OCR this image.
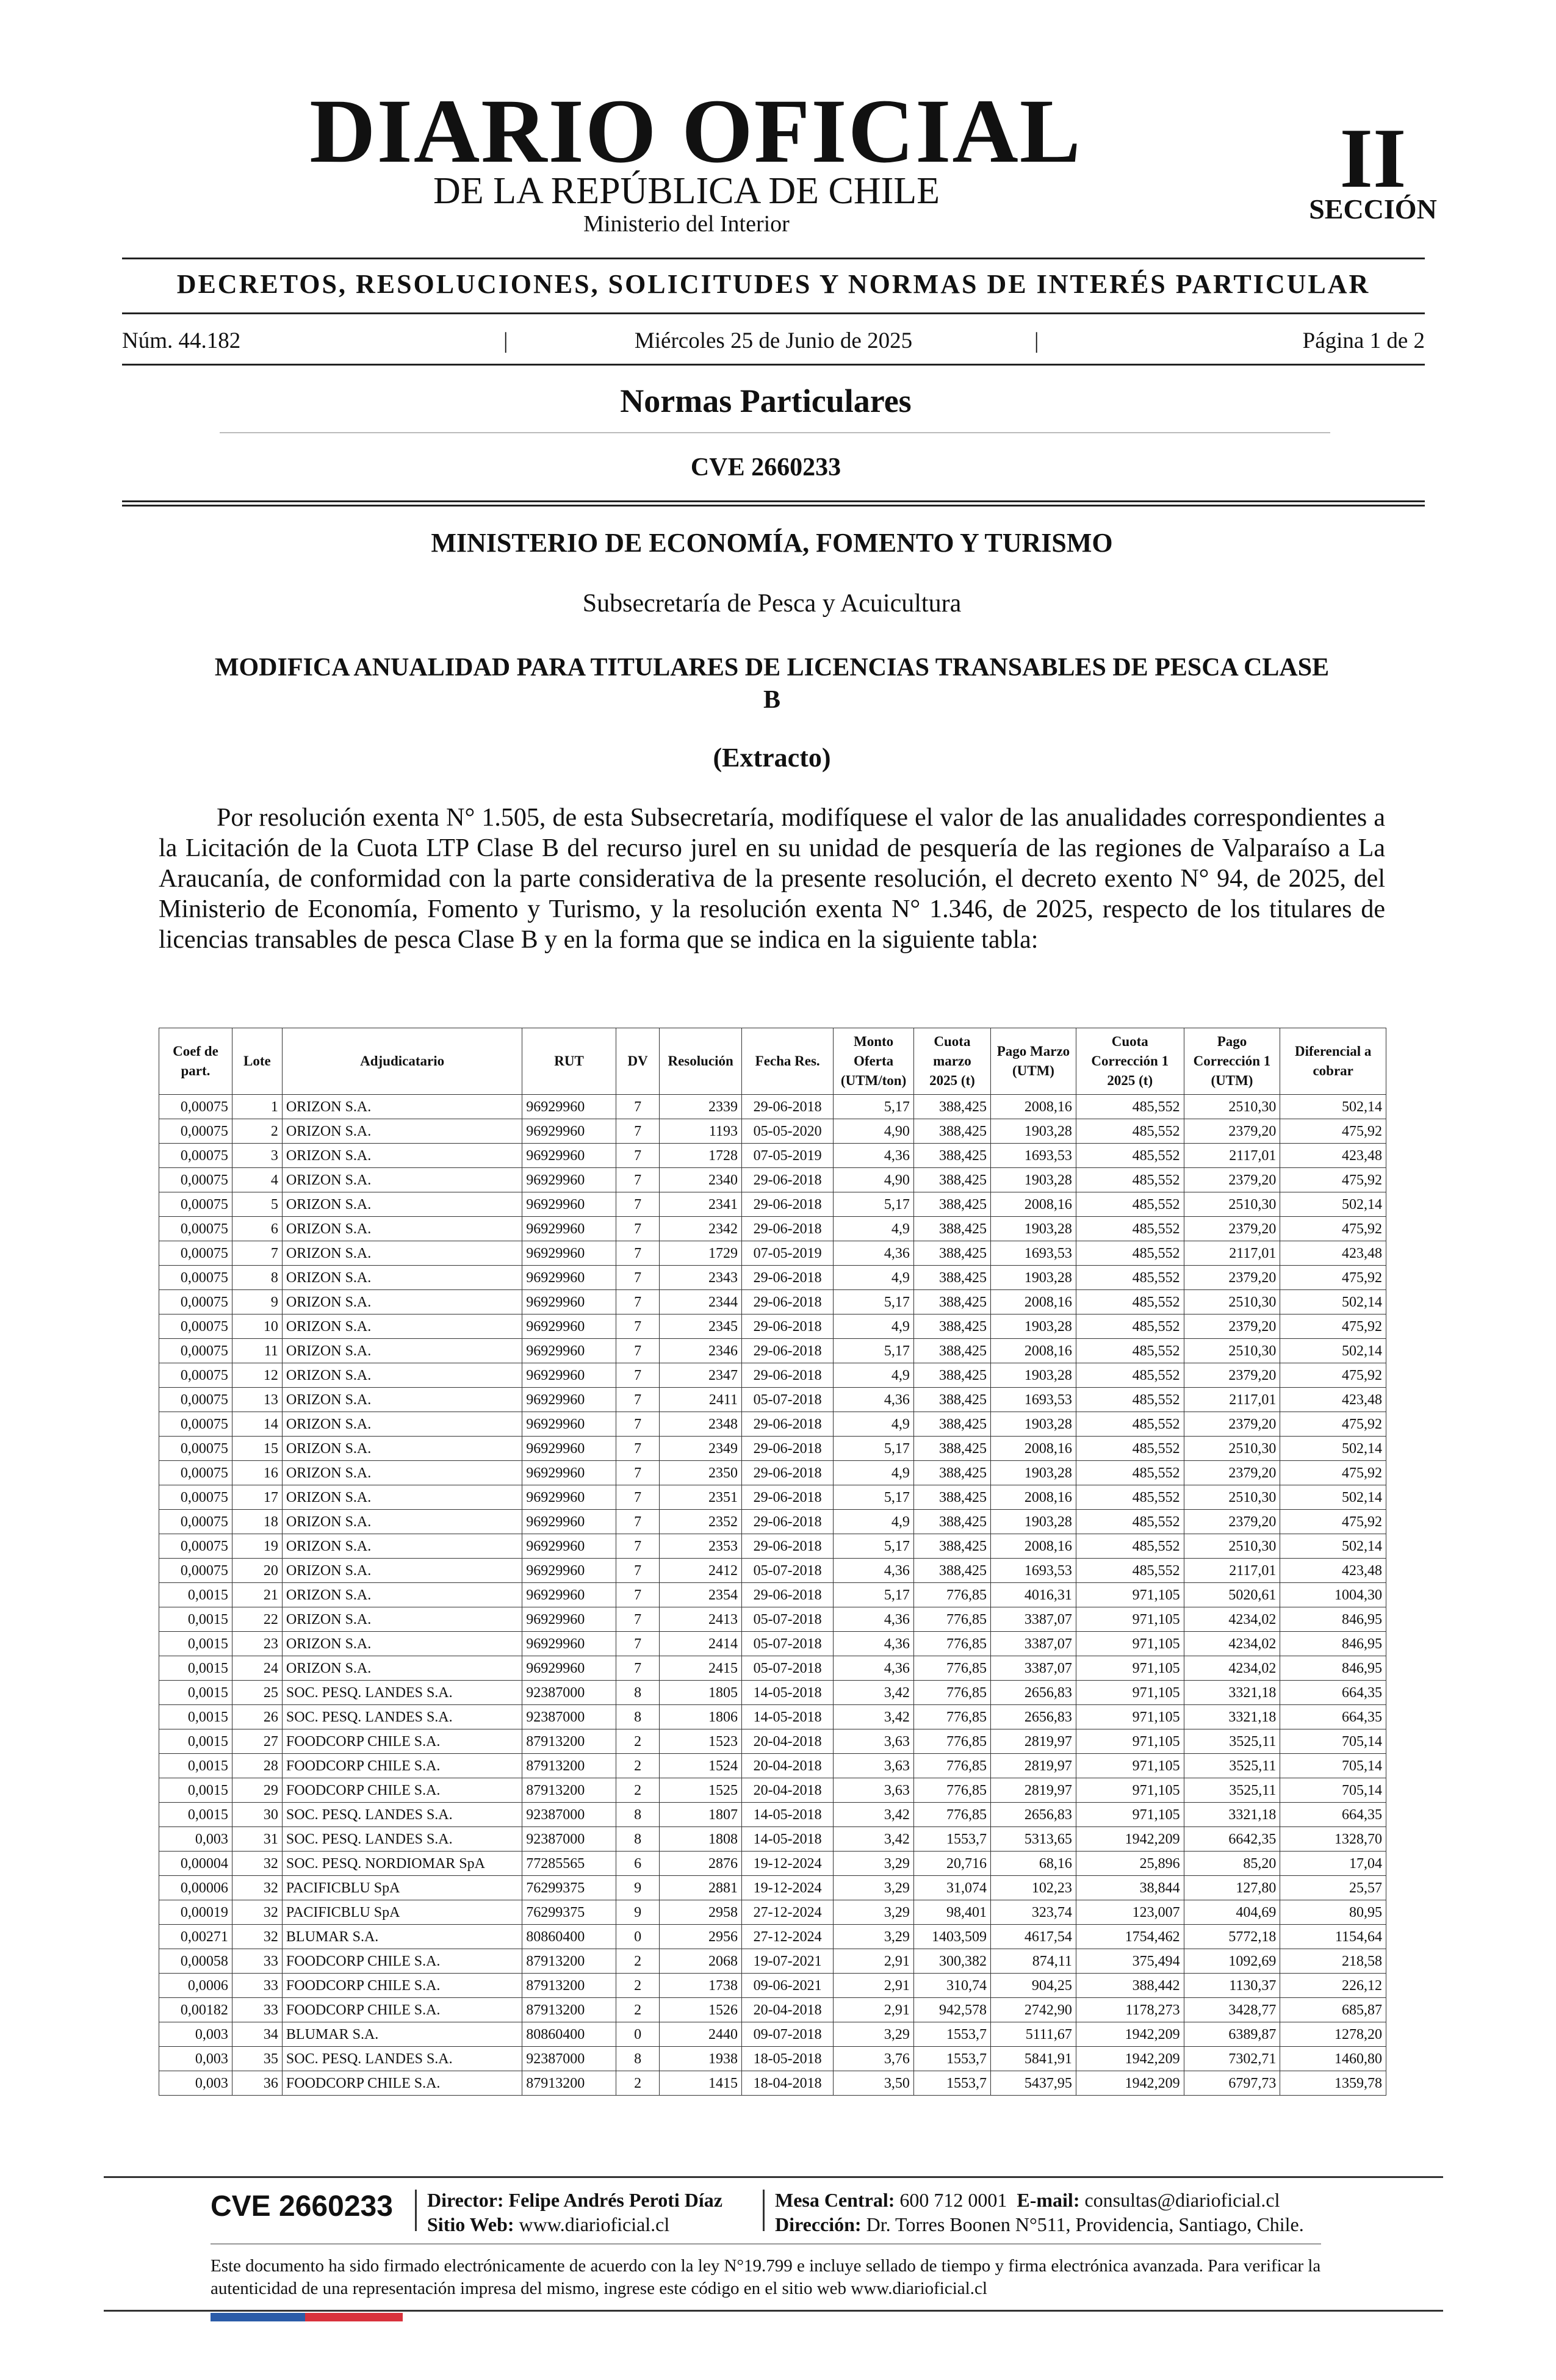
DIARIO OFICIAL
DE LA REPÚBLICA DE CHILE
Ministerio del Interior
II
SECCIÓN
DECRETOS, RESOLUCIONES, SOLICITUDES Y NORMAS DE INTERÉS PARTICULAR
Núm. 44.182	|	Miércoles 25 de Junio de 2025	|	Página 1 de 2
Normas Particulares
CVE 2660233
MINISTERIO DE ECONOMÍA, FOMENTO Y TURISMO
Subsecretaría de Pesca y Acuicultura
MODIFICA ANUALIDAD PARA TITULARES DE LICENCIAS TRANSABLES DE PESCA CLASE B
(Extracto)
Por resolución exenta N° 1.505, de esta Subsecretaría, modifíquese el valor de las anualidades correspondientes a la Licitación de la Cuota LTP Clase B del recurso jurel en su unidad de pesquería de las regiones de Valparaíso a La Araucanía, de conformidad con la parte considerativa de la presente resolución, el decreto exento N° 94, de 2025, del Ministerio de Economía, Fomento y Turismo, y la resolución exenta N° 1.346, de 2025, respecto de los titulares de licencias transables de pesca Clase B y en la forma que se indica en la siguiente tabla:
Coef de part.	Lote	Adjudicatario	RUT	DV	Resolución	Fecha Res.	Monto Oferta (UTM/ton)	Cuota marzo 2025 (t)	Pago Marzo (UTM)	Cuota Corrección 1 2025 (t)	Pago Corrección 1 (UTM)	Diferencial a cobrar
0,00075	1	ORIZON S.A.	96929960	7	2339	29-06-2018	5,17	388,425	2008,16	485,552	2510,30	502,14
0,00075	2	ORIZON S.A.	96929960	7	1193	05-05-2020	4,90	388,425	1903,28	485,552	2379,20	475,92
0,00075	3	ORIZON S.A.	96929960	7	1728	07-05-2019	4,36	388,425	1693,53	485,552	2117,01	423,48
0,00075	4	ORIZON S.A.	96929960	7	2340	29-06-2018	4,90	388,425	1903,28	485,552	2379,20	475,92
0,00075	5	ORIZON S.A.	96929960	7	2341	29-06-2018	5,17	388,425	2008,16	485,552	2510,30	502,14
0,00075	6	ORIZON S.A.	96929960	7	2342	29-06-2018	4,9	388,425	1903,28	485,552	2379,20	475,92
0,00075	7	ORIZON S.A.	96929960	7	1729	07-05-2019	4,36	388,425	1693,53	485,552	2117,01	423,48
0,00075	8	ORIZON S.A.	96929960	7	2343	29-06-2018	4,9	388,425	1903,28	485,552	2379,20	475,92
0,00075	9	ORIZON S.A.	96929960	7	2344	29-06-2018	5,17	388,425	2008,16	485,552	2510,30	502,14
0,00075	10	ORIZON S.A.	96929960	7	2345	29-06-2018	4,9	388,425	1903,28	485,552	2379,20	475,92
0,00075	11	ORIZON S.A.	96929960	7	2346	29-06-2018	5,17	388,425	2008,16	485,552	2510,30	502,14
0,00075	12	ORIZON S.A.	96929960	7	2347	29-06-2018	4,9	388,425	1903,28	485,552	2379,20	475,92
0,00075	13	ORIZON S.A.	96929960	7	2411	05-07-2018	4,36	388,425	1693,53	485,552	2117,01	423,48
0,00075	14	ORIZON S.A.	96929960	7	2348	29-06-2018	4,9	388,425	1903,28	485,552	2379,20	475,92
0,00075	15	ORIZON S.A.	96929960	7	2349	29-06-2018	5,17	388,425	2008,16	485,552	2510,30	502,14
0,00075	16	ORIZON S.A.	96929960	7	2350	29-06-2018	4,9	388,425	1903,28	485,552	2379,20	475,92
0,00075	17	ORIZON S.A.	96929960	7	2351	29-06-2018	5,17	388,425	2008,16	485,552	2510,30	502,14
0,00075	18	ORIZON S.A.	96929960	7	2352	29-06-2018	4,9	388,425	1903,28	485,552	2379,20	475,92
0,00075	19	ORIZON S.A.	96929960	7	2353	29-06-2018	5,17	388,425	2008,16	485,552	2510,30	502,14
0,00075	20	ORIZON S.A.	96929960	7	2412	05-07-2018	4,36	388,425	1693,53	485,552	2117,01	423,48
0,0015	21	ORIZON S.A.	96929960	7	2354	29-06-2018	5,17	776,85	4016,31	971,105	5020,61	1004,30
0,0015	22	ORIZON S.A.	96929960	7	2413	05-07-2018	4,36	776,85	3387,07	971,105	4234,02	846,95
0,0015	23	ORIZON S.A.	96929960	7	2414	05-07-2018	4,36	776,85	3387,07	971,105	4234,02	846,95
0,0015	24	ORIZON S.A.	96929960	7	2415	05-07-2018	4,36	776,85	3387,07	971,105	4234,02	846,95
0,0015	25	SOC. PESQ. LANDES S.A.	92387000	8	1805	14-05-2018	3,42	776,85	2656,83	971,105	3321,18	664,35
0,0015	26	SOC. PESQ. LANDES S.A.	92387000	8	1806	14-05-2018	3,42	776,85	2656,83	971,105	3321,18	664,35
0,0015	27	FOODCORP CHILE S.A.	87913200	2	1523	20-04-2018	3,63	776,85	2819,97	971,105	3525,11	705,14
0,0015	28	FOODCORP CHILE S.A.	87913200	2	1524	20-04-2018	3,63	776,85	2819,97	971,105	3525,11	705,14
0,0015	29	FOODCORP CHILE S.A.	87913200	2	1525	20-04-2018	3,63	776,85	2819,97	971,105	3525,11	705,14
0,0015	30	SOC. PESQ. LANDES S.A.	92387000	8	1807	14-05-2018	3,42	776,85	2656,83	971,105	3321,18	664,35
0,003	31	SOC. PESQ. LANDES S.A.	92387000	8	1808	14-05-2018	3,42	1553,7	5313,65	1942,209	6642,35	1328,70
0,00004	32	SOC. PESQ. NORDIOMAR SpA	77285565	6	2876	19-12-2024	3,29	20,716	68,16	25,896	85,20	17,04
0,00006	32	PACIFICBLU SpA	76299375	9	2881	19-12-2024	3,29	31,074	102,23	38,844	127,80	25,57
0,00019	32	PACIFICBLU SpA	76299375	9	2958	27-12-2024	3,29	98,401	323,74	123,007	404,69	80,95
0,00271	32	BLUMAR S.A.	80860400	0	2956	27-12-2024	3,29	1403,509	4617,54	1754,462	5772,18	1154,64
0,00058	33	FOODCORP CHILE S.A.	87913200	2	2068	19-07-2021	2,91	300,382	874,11	375,494	1092,69	218,58
0,0006	33	FOODCORP CHILE S.A.	87913200	2	1738	09-06-2021	2,91	310,74	904,25	388,442	1130,37	226,12
0,00182	33	FOODCORP CHILE S.A.	87913200	2	1526	20-04-2018	2,91	942,578	2742,90	1178,273	3428,77	685,87
0,003	34	BLUMAR S.A.	80860400	0	2440	09-07-2018	3,29	1553,7	5111,67	1942,209	6389,87	1278,20
0,003	35	SOC. PESQ. LANDES S.A.	92387000	8	1938	18-05-2018	3,76	1553,7	5841,91	1942,209	7302,71	1460,80
0,003	36	FOODCORP CHILE S.A.	87913200	2	1415	18-04-2018	3,50	1553,7	5437,95	1942,209	6797,73	1359,78
CVE 2660233 Director: Felipe Andrés Peroti Díaz
Sitio Web: www.diarioficial.cl
Mesa Central: 600 712 0001 E-mail: consultas@diarioficial.cl
Dirección: Dr. Torres Boonen N°511, Providencia, Santiago, Chile.
Este documento ha sido firmado electrónicamente de acuerdo con la ley N°19.799 e incluye sellado de tiempo y firma electrónica avanzada. Para verificar la autenticidad de una representación impresa del mismo, ingrese este código en el sitio web www.diarioficial.cl
